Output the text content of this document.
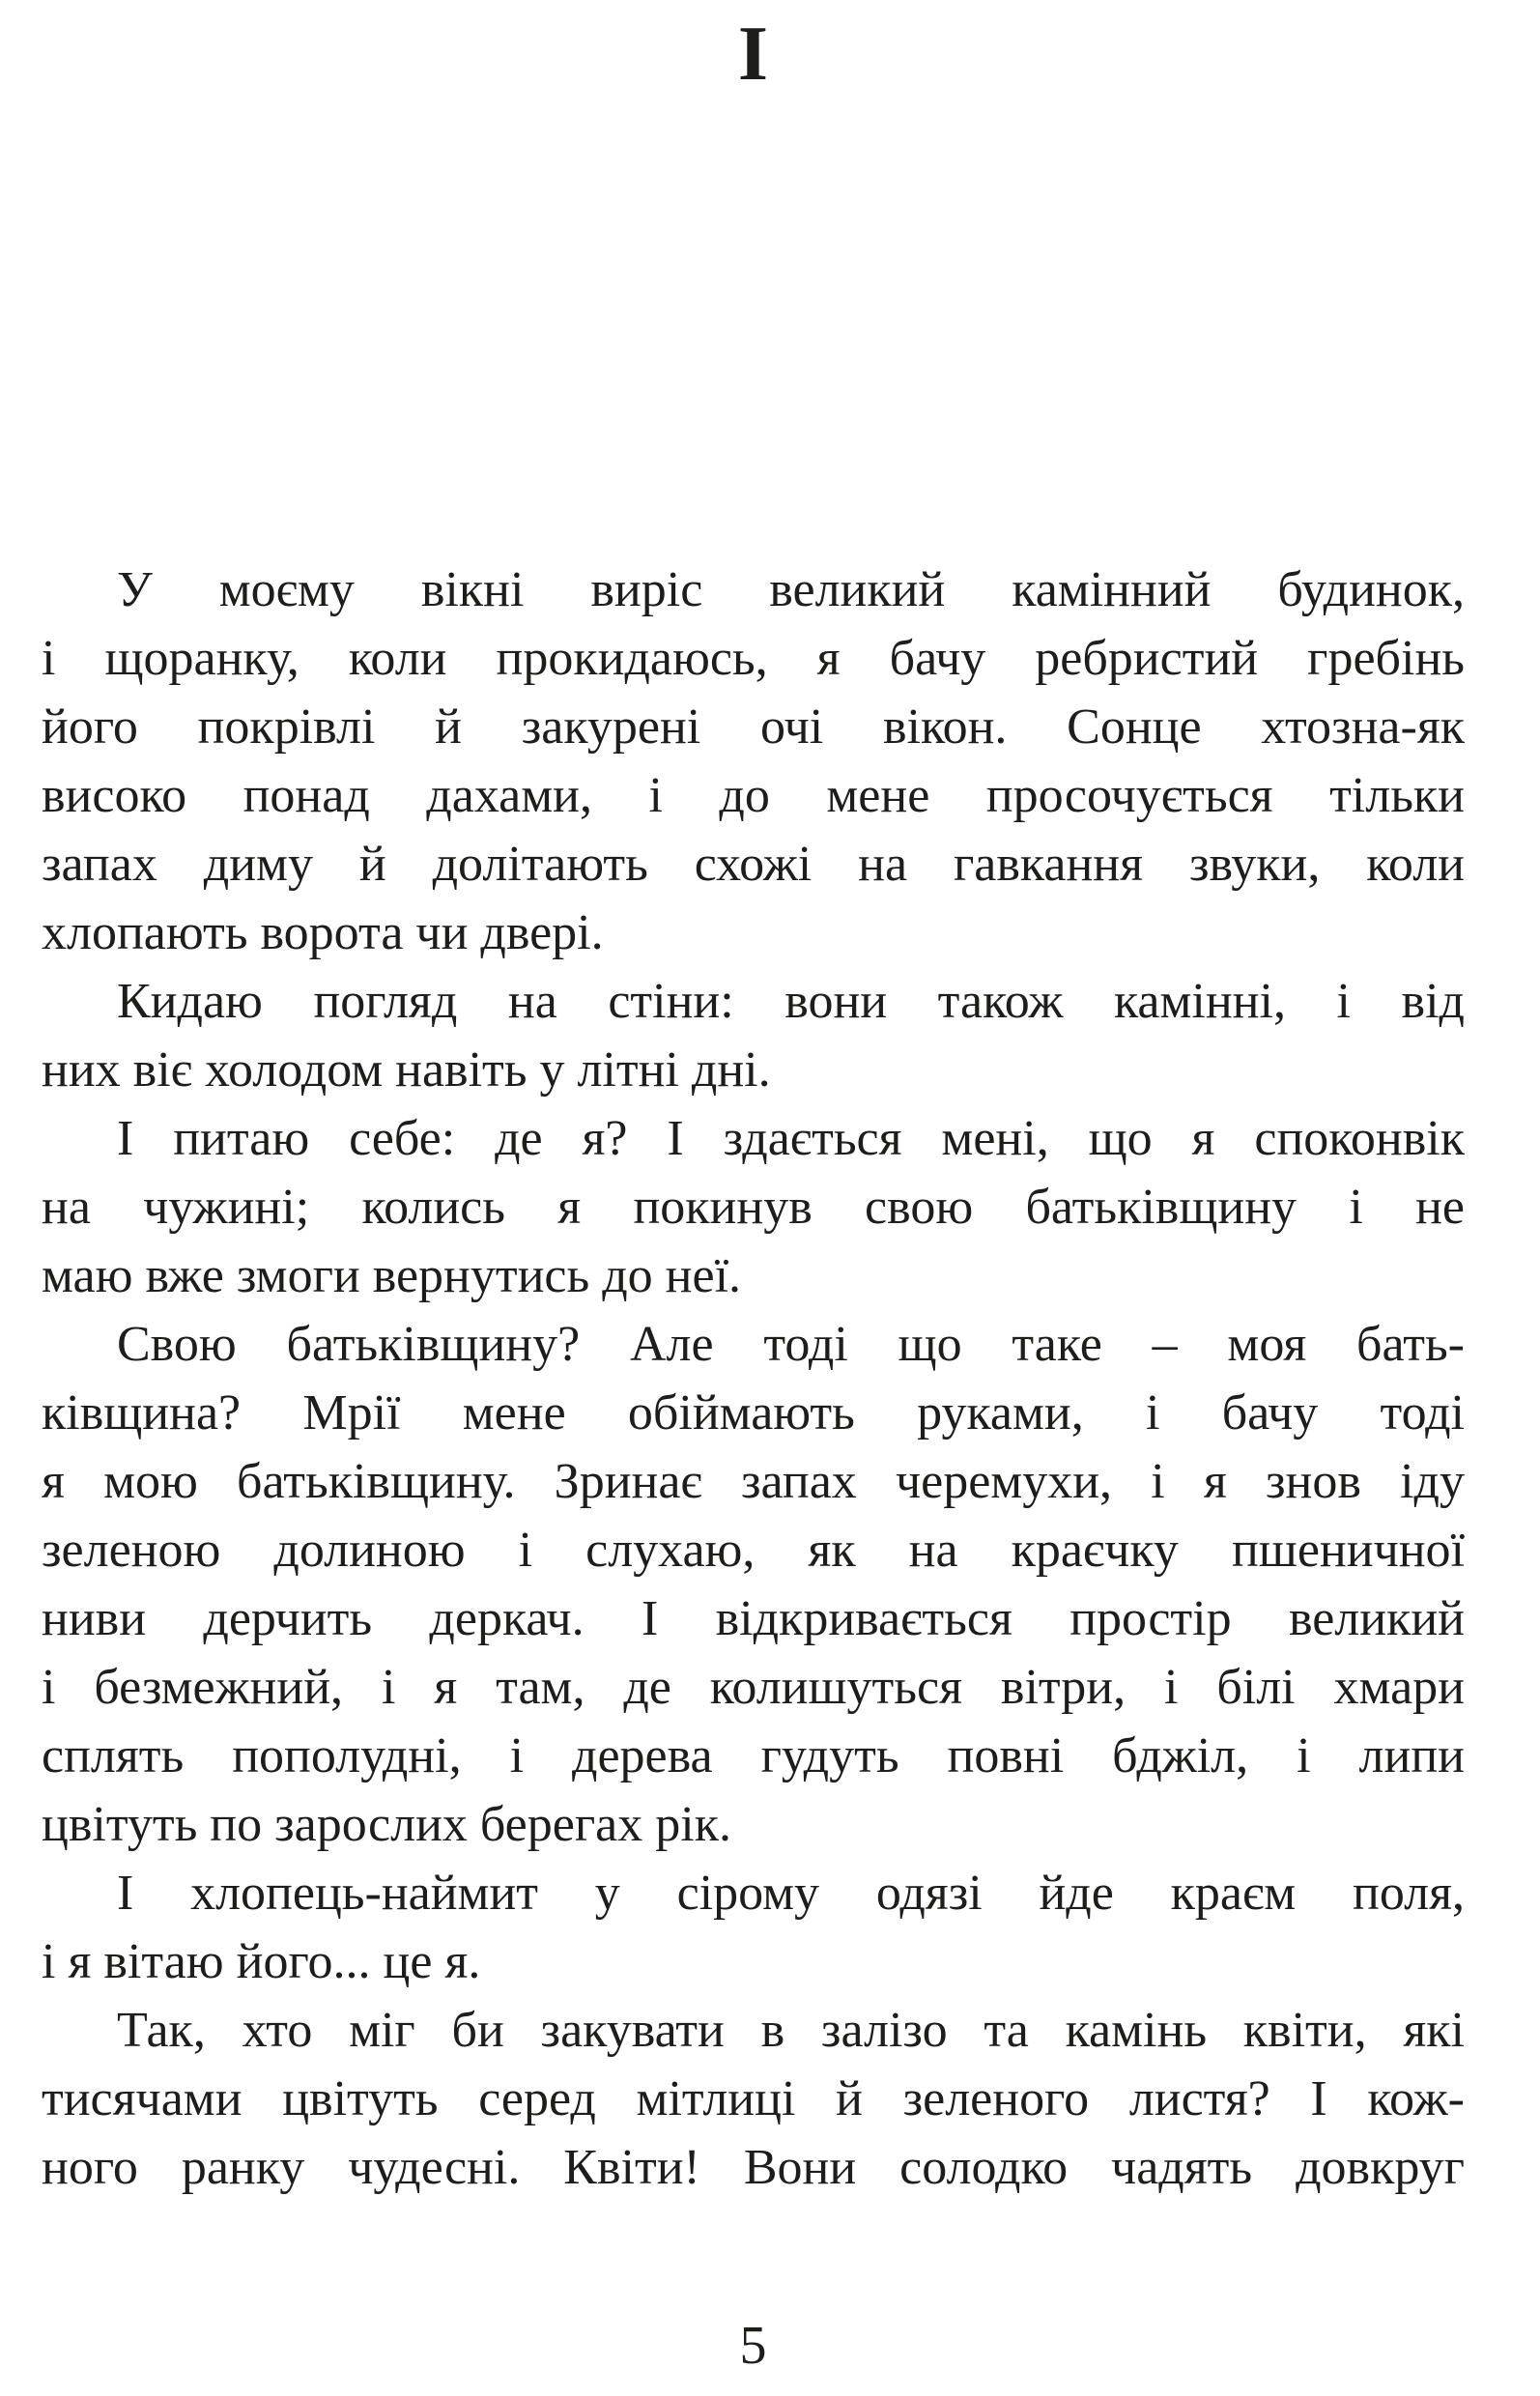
I

У моєму вікні виріс великий камінний будинок,
і щоранку, коли прокидаюсь, я бачу ребристий гребінь
його покрівлі й закурені очі вікон. Сонце хтозна-як
високо понад дахами, і до мене просочується тільки
запах диму й долітають схожі на гавкання звуки, коли
хлопають ворота чи двері.

Кидаю погляд на стіни: вони також камінні, і від
них віє холодом навіть у літні дні.

І питаю себе: де я? І здається мені, що я споконвік
на чужині; колись я покинув свою батьківщину і не
маю вже змоги вернутись до неї.

Свою батьківщину? Але тоді що таке – моя бать-
ківщина? Мрії мене обіймають руками, і бачу тоді
я мою батьківщину. Зринає запах черемухи, і я знов іду
зеленою долиною і слухаю, як на краєчку пшеничної
ниви дерчить деркач. І відкривається простір великий
і безмежний, і я там, де колишуться вітри, і білі хмари
сплять пополудні, і дерева гудуть повні бджіл, і липи
цвітуть по зарослих берегах рік.

І хлопець-наймит у сірому одязі йде краєм поля,
і я вітаю його... це я.

Так, хто міг би закувати в залізо та камінь квіти, які
тисячами цвітуть серед мітлиці й зеленого листя? І кож-
ного ранку чудесні. Квіти! Вони солодко чадять довкруг

5
